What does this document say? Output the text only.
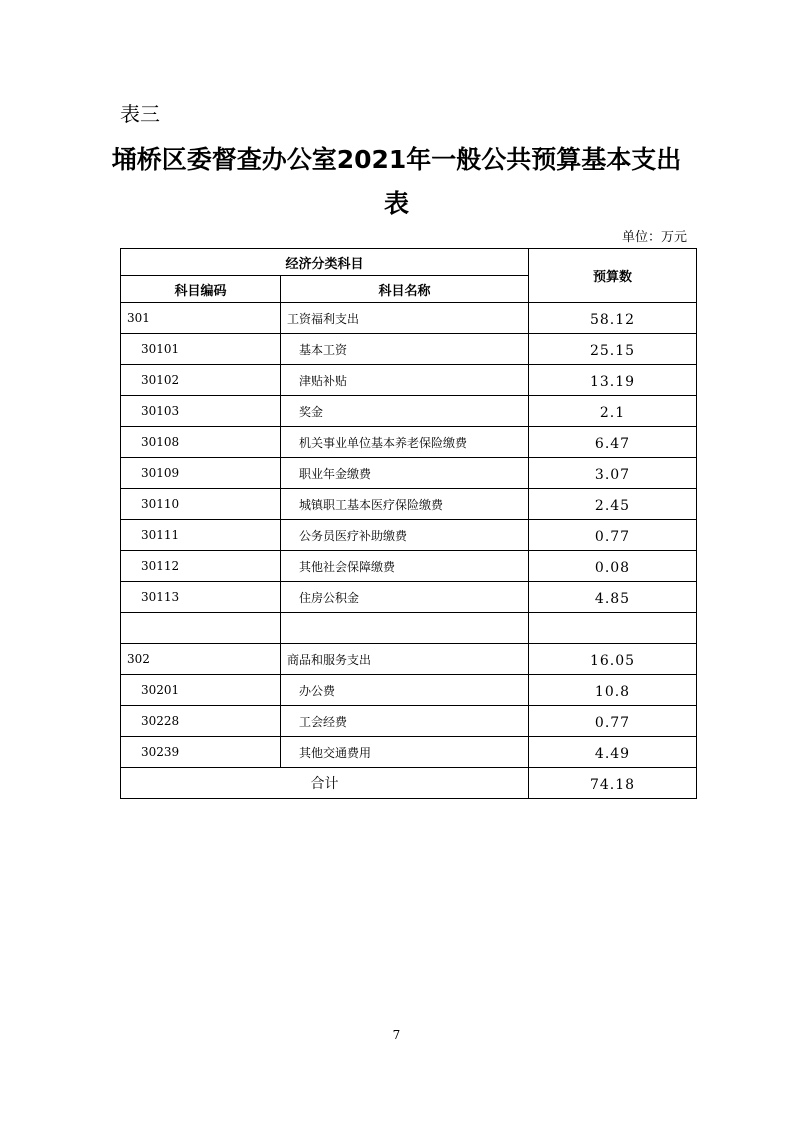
表三
埇桥区委督查办公室2021年一般公共预算基本支出
表
单位：万元
经济分类科目		预算数
科目编码	科目名称	
301	工资福利支出	58.12
30101	基本工资	25.15
30102	津贴补贴	13.19
30103	奖金	2.1
30108	机关事业单位基本养老保险缴费	6.47
30109	职业年金缴费	3.07
30110	城镇职工基本医疗保险缴费	2.45
30111	公务员医疗补助缴费	0.77
30112	其他社会保障缴费	0.08
30113	住房公积金	4.85

302	商品和服务支出	16.05
30201	办公费	10.8
30228	工会经费	0.77
30239	其他交通费用	4.49
合计		74.18
7
